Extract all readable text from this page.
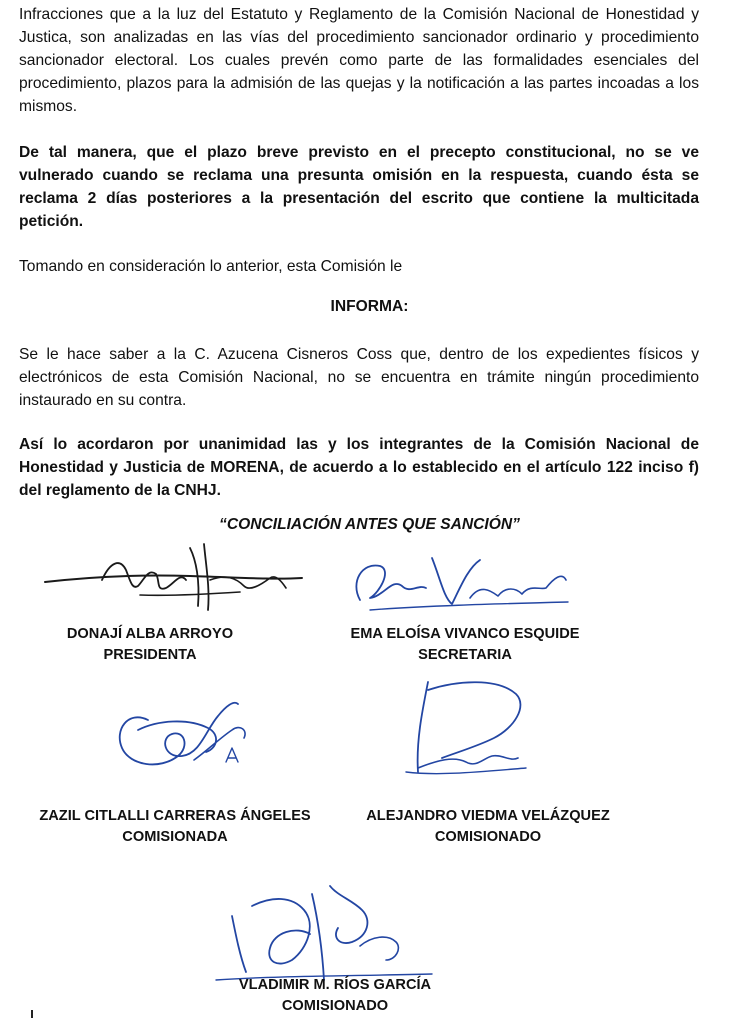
Infracciones que a la luz del Estatuto y Reglamento de la Comisión Nacional de Honestidad y Justica, son analizadas en las vías del procedimiento sancionador ordinario y procedimiento sancionador electoral. Los cuales prevén como parte de las formalidades esenciales del procedimiento, plazos para la admisión de las quejas y la notificación a las partes incoadas a los mismos.

De tal manera, que el plazo breve previsto en el precepto constitucional, no se ve vulnerado cuando se reclama una presunta omisión en la respuesta, cuando ésta se reclama 2 días posteriores a la presentación del escrito que contiene la multicitada petición.

Tomando en consideración lo anterior, esta Comisión le

INFORMA:

Se le hace saber a la C. Azucena Cisneros Coss que, dentro de los expedientes físicos y electrónicos de esta Comisión Nacional, no se encuentra en trámite ningún procedimiento instaurado en su contra.

Así lo acordaron por unanimidad las y los integrantes de la Comisión Nacional de Honestidad y Justicia de MORENA, de acuerdo a lo establecido en el artículo 122 inciso f) del reglamento de la CNHJ.

“CONCILIACIÓN ANTES QUE SANCIÓN”

DONAJÍ ALBA ARROYO
PRESIDENTA
EMA ELOÍSA VIVANCO ESQUIDE
SECRETARIA
ZAZIL CITLALLI CARRERAS ÁNGELES
COMISIONADA
ALEJANDRO VIEDMA VELÁZQUEZ
COMISIONADO
VLADIMIR M. RÍOS GARCÍA
COMISIONADO
